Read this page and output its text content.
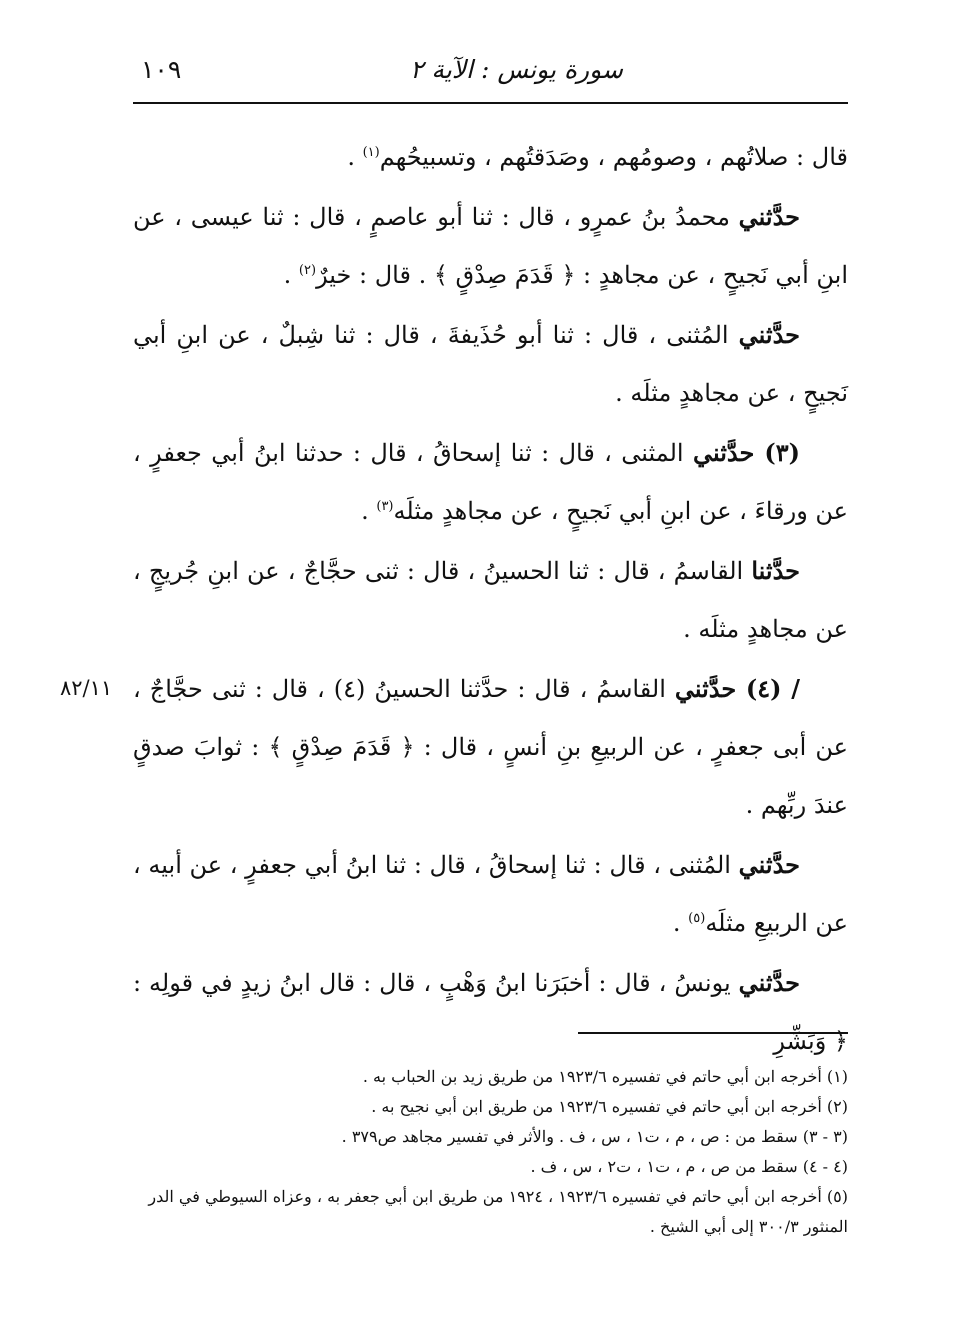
سورة يونس : الآية ٢
١٠٩
٨٢/١١

قال : صلاتُهم ، وصومُهم ، وصَدَقتُهم ، وتسبيحُهم$^{(١)}$ .

حدَّثني محمدُ بنُ عمرٍو ، قال : ثنا أبو عاصمٍ ، قال : ثنا عيسى ، عن ابنِ أبي نَجيحٍ ، عن مجاهدٍ : ﴿ قَدَمَ صِدْقٍ ﴾ . قال : خيرٌ$^{(٢)}$ .

حدَّثني المُثنى ، قال : ثنا أبو حُذَيفةَ ، قال : ثنا شِبلٌ ، عن ابنِ أبي نَجيحٍ ، عن مجاهدٍ مثلَه .

(٣) حدَّثني المثنى ، قال : ثنا إسحاقُ ، قال : حدثنا ابنُ أبي جعفرٍ ، عن ورقاءَ ، عن ابنِ أبي نَجيحٍ ، عن مجاهدٍ مثلَه$^{(٣)}$ .

حدَّثنا القاسمُ ، قال : ثنا الحسينُ ، قال : ثنى حجَّاجٌ ، عن ابنِ جُريجٍ ، عن مجاهدٍ مثلَه .

/ (٤) حدَّثني القاسمُ ، قال : حدَّثنا الحسينُ (٤) ، قال : ثنى حجَّاجٌ ، عن أبى جعفرٍ ، عن الربيعِ بنِ أنسٍ ، قال : ﴿ قَدَمَ صِدْقٍ ﴾ : ثوابَ صدقٍ عندَ ربِّهم .

حدَّثني المُثنى ، قال : ثنا إسحاقُ ، قال : ثنا ابنُ أبي جعفرٍ ، عن أبيه ، عن الربيعِ مثلَه$^{(٥)}$ .

حدَّثني يونسُ ، قال : أخبَرَنا ابنُ وَهْبٍ ، قال : قال ابنُ زيدٍ في قولِه : ﴿ وَبَشِّرِ

(١) أخرجه ابن أبي حاتم في تفسيره ١٩٢٣/٦ من طريق زيد بن الحباب به .

(٢) أخرجه ابن أبي حاتم في تفسيره ١٩٢٣/٦ من طريق ابن أبي نجيح به .

(٣ - ٣) سقط من : ص ، م ، ت١ ، س ، ف . والأثر في تفسير مجاهد ص٣٧٩ .

(٤ - ٤) سقط من ص ، م ، ت١ ، ت٢ ، س ، ف .

(٥) أخرجه ابن أبي حاتم في تفسيره ١٩٢٣/٦ ، ١٩٢٤ من طريق ابن أبي جعفر به ، وعزاه السيوطي في الدر المنثور ٣٠٠/٣ إلى أبي الشيخ .
